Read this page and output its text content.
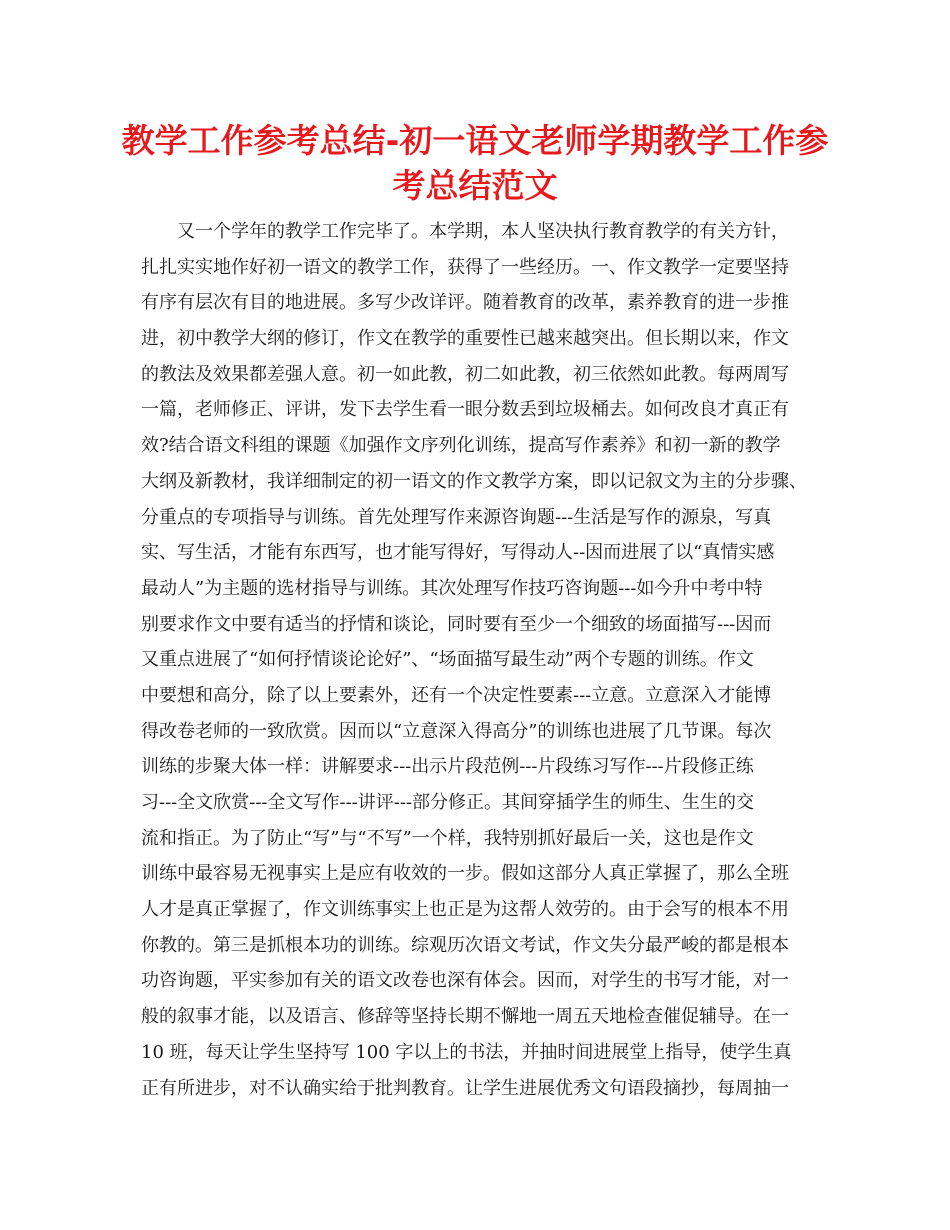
教学工作参考总结-初一语文老师学期教学工作参
考总结范文
又一个学年的教学工作完毕了。本学期，本人坚决执行教育教学的有关方针，
扎扎实实地作好初一语文的教学工作，获得了一些经历。一、作文教学一定要坚持
有序有层次有目的地进展。多写少改详评。随着教育的改革，素养教育的进一步推
进，初中教学大纲的修订，作文在教学的重要性已越来越突出。但长期以来，作文
的教法及效果都差强人意。初一如此教，初二如此教，初三依然如此教。每两周写
一篇，老师修正、评讲，发下去学生看一眼分数丢到垃圾桶去。如何改良才真正有
效?结合语文科组的课题《加强作文序列化训练，提高写作素养》和初一新的教学
大纲及新教材，我详细制定的初一语文的作文教学方案，即以记叙文为主的分步骤、
分重点的专项指导与训练。首先处理写作来源咨询题---生活是写作的源泉，写真
实、写生活，才能有东西写，也才能写得好，写得动人--因而进展了以“真情实感
最动人”为主题的选材指导与训练。其次处理写作技巧咨询题---如今升中考中特
别要求作文中要有适当的抒情和谈论，同时要有至少一个细致的场面描写---因而
又重点进展了“如何抒情谈论论好”、“场面描写最生动”两个专题的训练。作文
中要想和高分，除了以上要素外，还有一个决定性要素---立意。立意深入才能博
得改卷老师的一致欣赏。因而以“立意深入得高分”的训练也进展了几节课。每次
训练的步聚大体一样：讲解要求---出示片段范例---片段练习写作---片段修正练
习---全文欣赏---全文写作---讲评---部分修正。其间穿插学生的师生、生生的交
流和指正。为了防止“写”与“不写”一个样，我特别抓好最后一关，这也是作文
训练中最容易无视事实上是应有收效的一步。假如这部分人真正掌握了，那么全班
人才是真正掌握了，作文训练事实上也正是为这帮人效劳的。由于会写的根本不用
你教的。第三是抓根本功的训练。综观历次语文考试，作文失分最严峻的都是根本
功咨询题，平实参加有关的语文改卷也深有体会。因而，对学生的书写才能，对一
般的叙事才能，以及语言、修辞等坚持长期不懈地一周五天地检查催促辅导。在一
10 班，每天让学生坚持写 100 字以上的书法，并抽时间进展堂上指导，使学生真
正有所进步，对不认确实给于批判教育。让学生进展优秀文句语段摘抄，每周抽一
